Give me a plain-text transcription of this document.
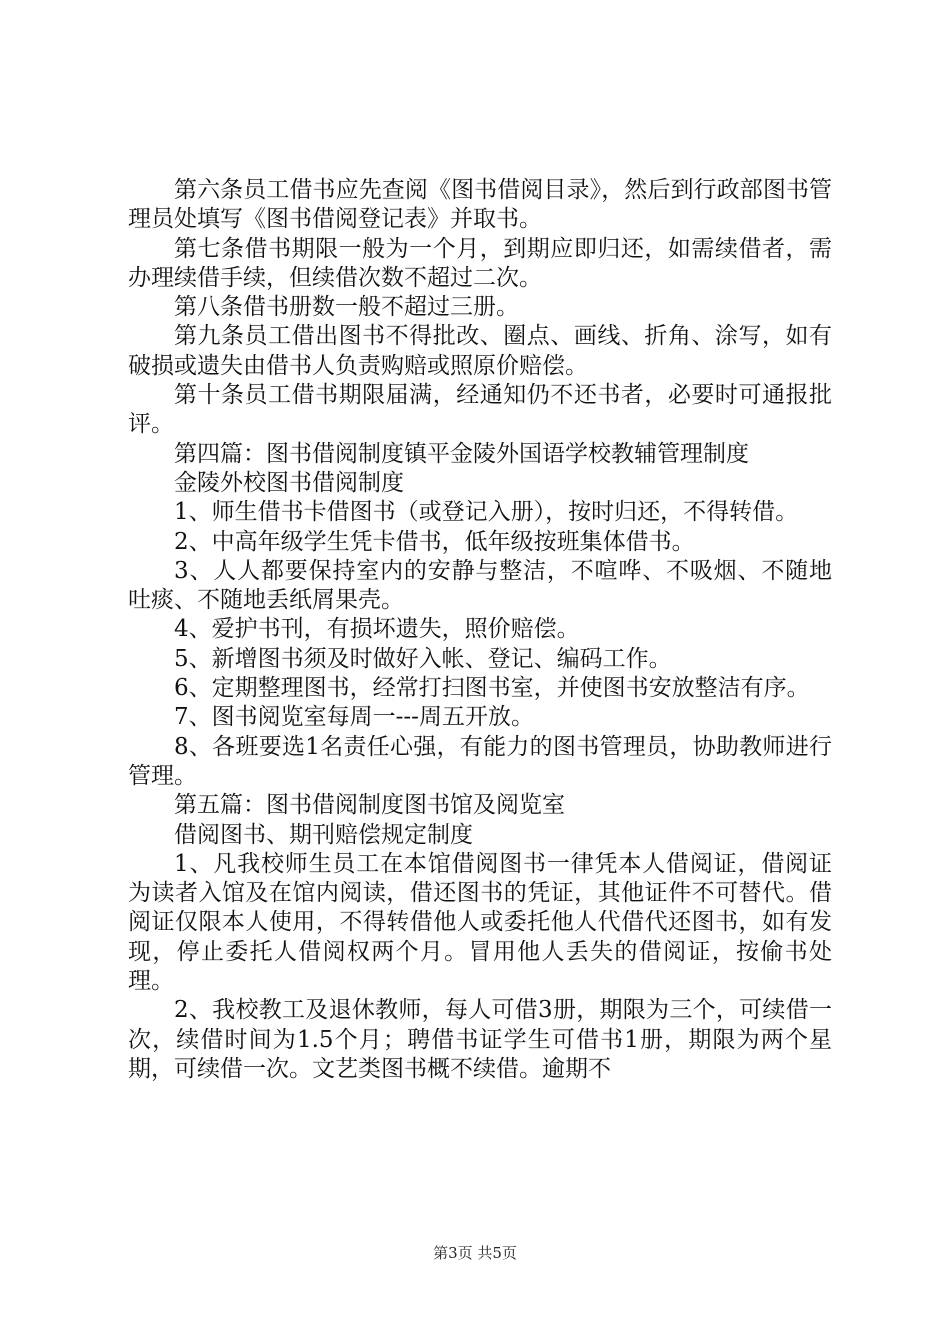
第六条员工借书应先查阅《图书借阅目录》，然后到行政部图书管理员处填写《图书借阅登记表》并取书。

第七条借书期限一般为一个月，到期应即归还，如需续借者，需办理续借手续，但续借次数不超过二次。

第八条借书册数一般不超过三册。

第九条员工借出图书不得批改、圈点、画线、折角、涂写，如有破损或遗失由借书人负责购赔或照原价赔偿。

第十条员工借书期限届满，经通知仍不还书者，必要时可通报批评。

第四篇：图书借阅制度镇平金陵外国语学校教辅管理制度

金陵外校图书借阅制度

1、师生借书卡借图书（或登记入册），按时归还，不得转借。

2、中高年级学生凭卡借书，低年级按班集体借书。

3、人人都要保持室内的安静与整洁，不喧哗、不吸烟、不随地吐痰、不随地丢纸屑果壳。

4、爱护书刊，有损坏遗失，照价赔偿。

5、新增图书须及时做好入帐、登记、编码工作。

6、定期整理图书，经常打扫图书室，并使图书安放整洁有序。

7、图书阅览室每周一---周五开放。

8、各班要选1名责任心强，有能力的图书管理员，协助教师进行管理。

第五篇：图书借阅制度图书馆及阅览室

借阅图书、期刊赔偿规定制度

1、凡我校师生员工在本馆借阅图书一律凭本人借阅证，借阅证为读者入馆及在馆内阅读，借还图书的凭证，其他证件不可替代。借阅证仅限本人使用，不得转借他人或委托他人代借代还图书，如有发现，停止委托人借阅权两个月。冒用他人丢失的借阅证，按偷书处理。

2、我校教工及退休教师，每人可借3册，期限为三个，可续借一次，续借时间为1.5个月；聘借书证学生可借书1册，期限为两个星期，可续借一次。文艺类图书概不续借。逾期不

第3页 共5页
